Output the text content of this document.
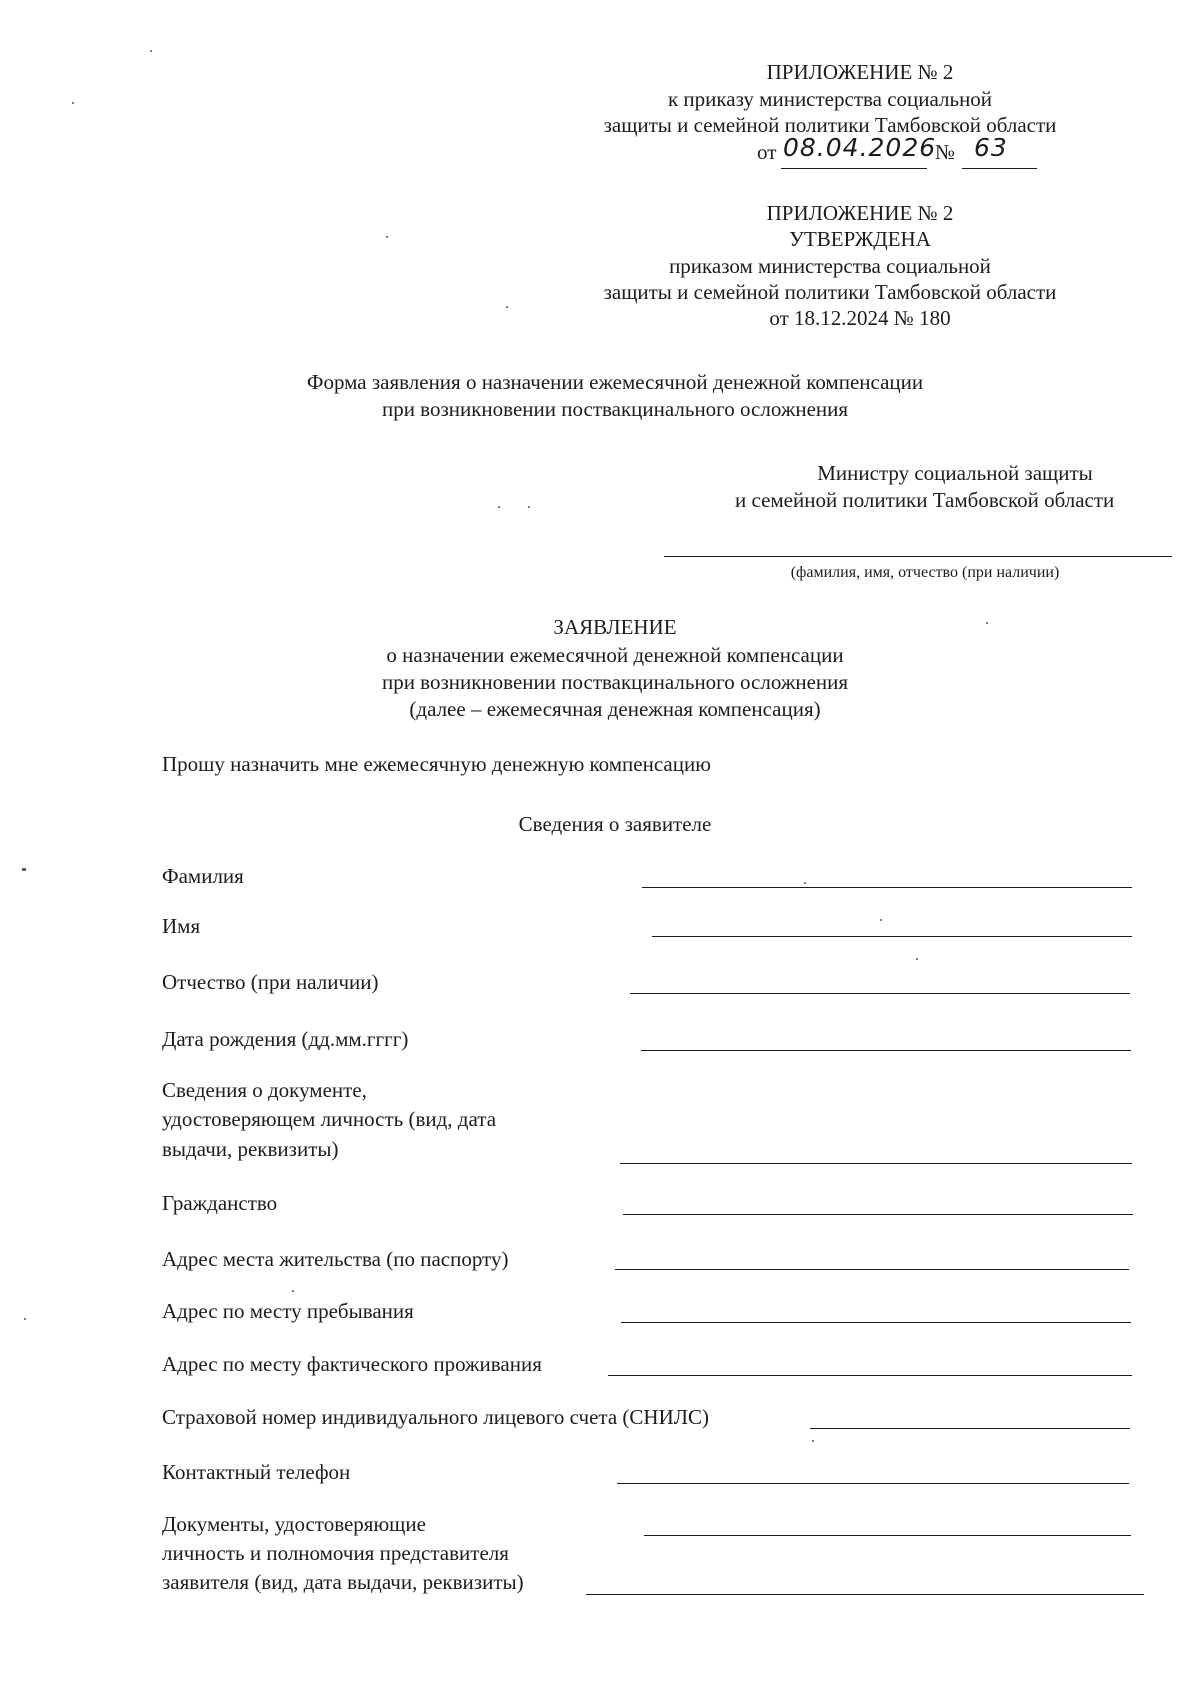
ПРИЛОЖЕНИЕ № 2
к приказу министерства социальной
защиты и семейной политики Тамбовской области
от 08.04.2026
№ 63
ПРИЛОЖЕНИЕ № 2
УТВЕРЖДЕНА
приказом министерства социальной
защиты и семейной политики Тамбовской области
от 18.12.2024 № 180
Форма заявления о назначении ежемесячной денежной компенсации
при возникновении поствакцинального осложнения
Министру социальной защиты
и семейной политики Тамбовской области
(фамилия, имя, отчество (при наличии)
ЗАЯВЛЕНИЕ
о назначении ежемесячной денежной компенсации
при возникновении поствакцинального осложнения
(далее – ежемесячная денежная компенсация)
Прошу назначить мне ежемесячную денежную компенсацию
Сведения о заявителе
Фамилия
Имя
Отчество (при наличии)
Дата рождения (дд.мм.гггг)
Сведения о документе,
удостоверяющем личность (вид, дата
выдачи, реквизиты)
Гражданство
Адрес места жительства (по паспорту)
Адрес по месту пребывания
Адрес по месту фактического проживания
Страховой номер индивидуального лицевого счета (СНИЛС)
Контактный телефон
Документы, удостоверяющие
личность и полномочия представителя
заявителя (вид, дата выдачи, реквизиты)
